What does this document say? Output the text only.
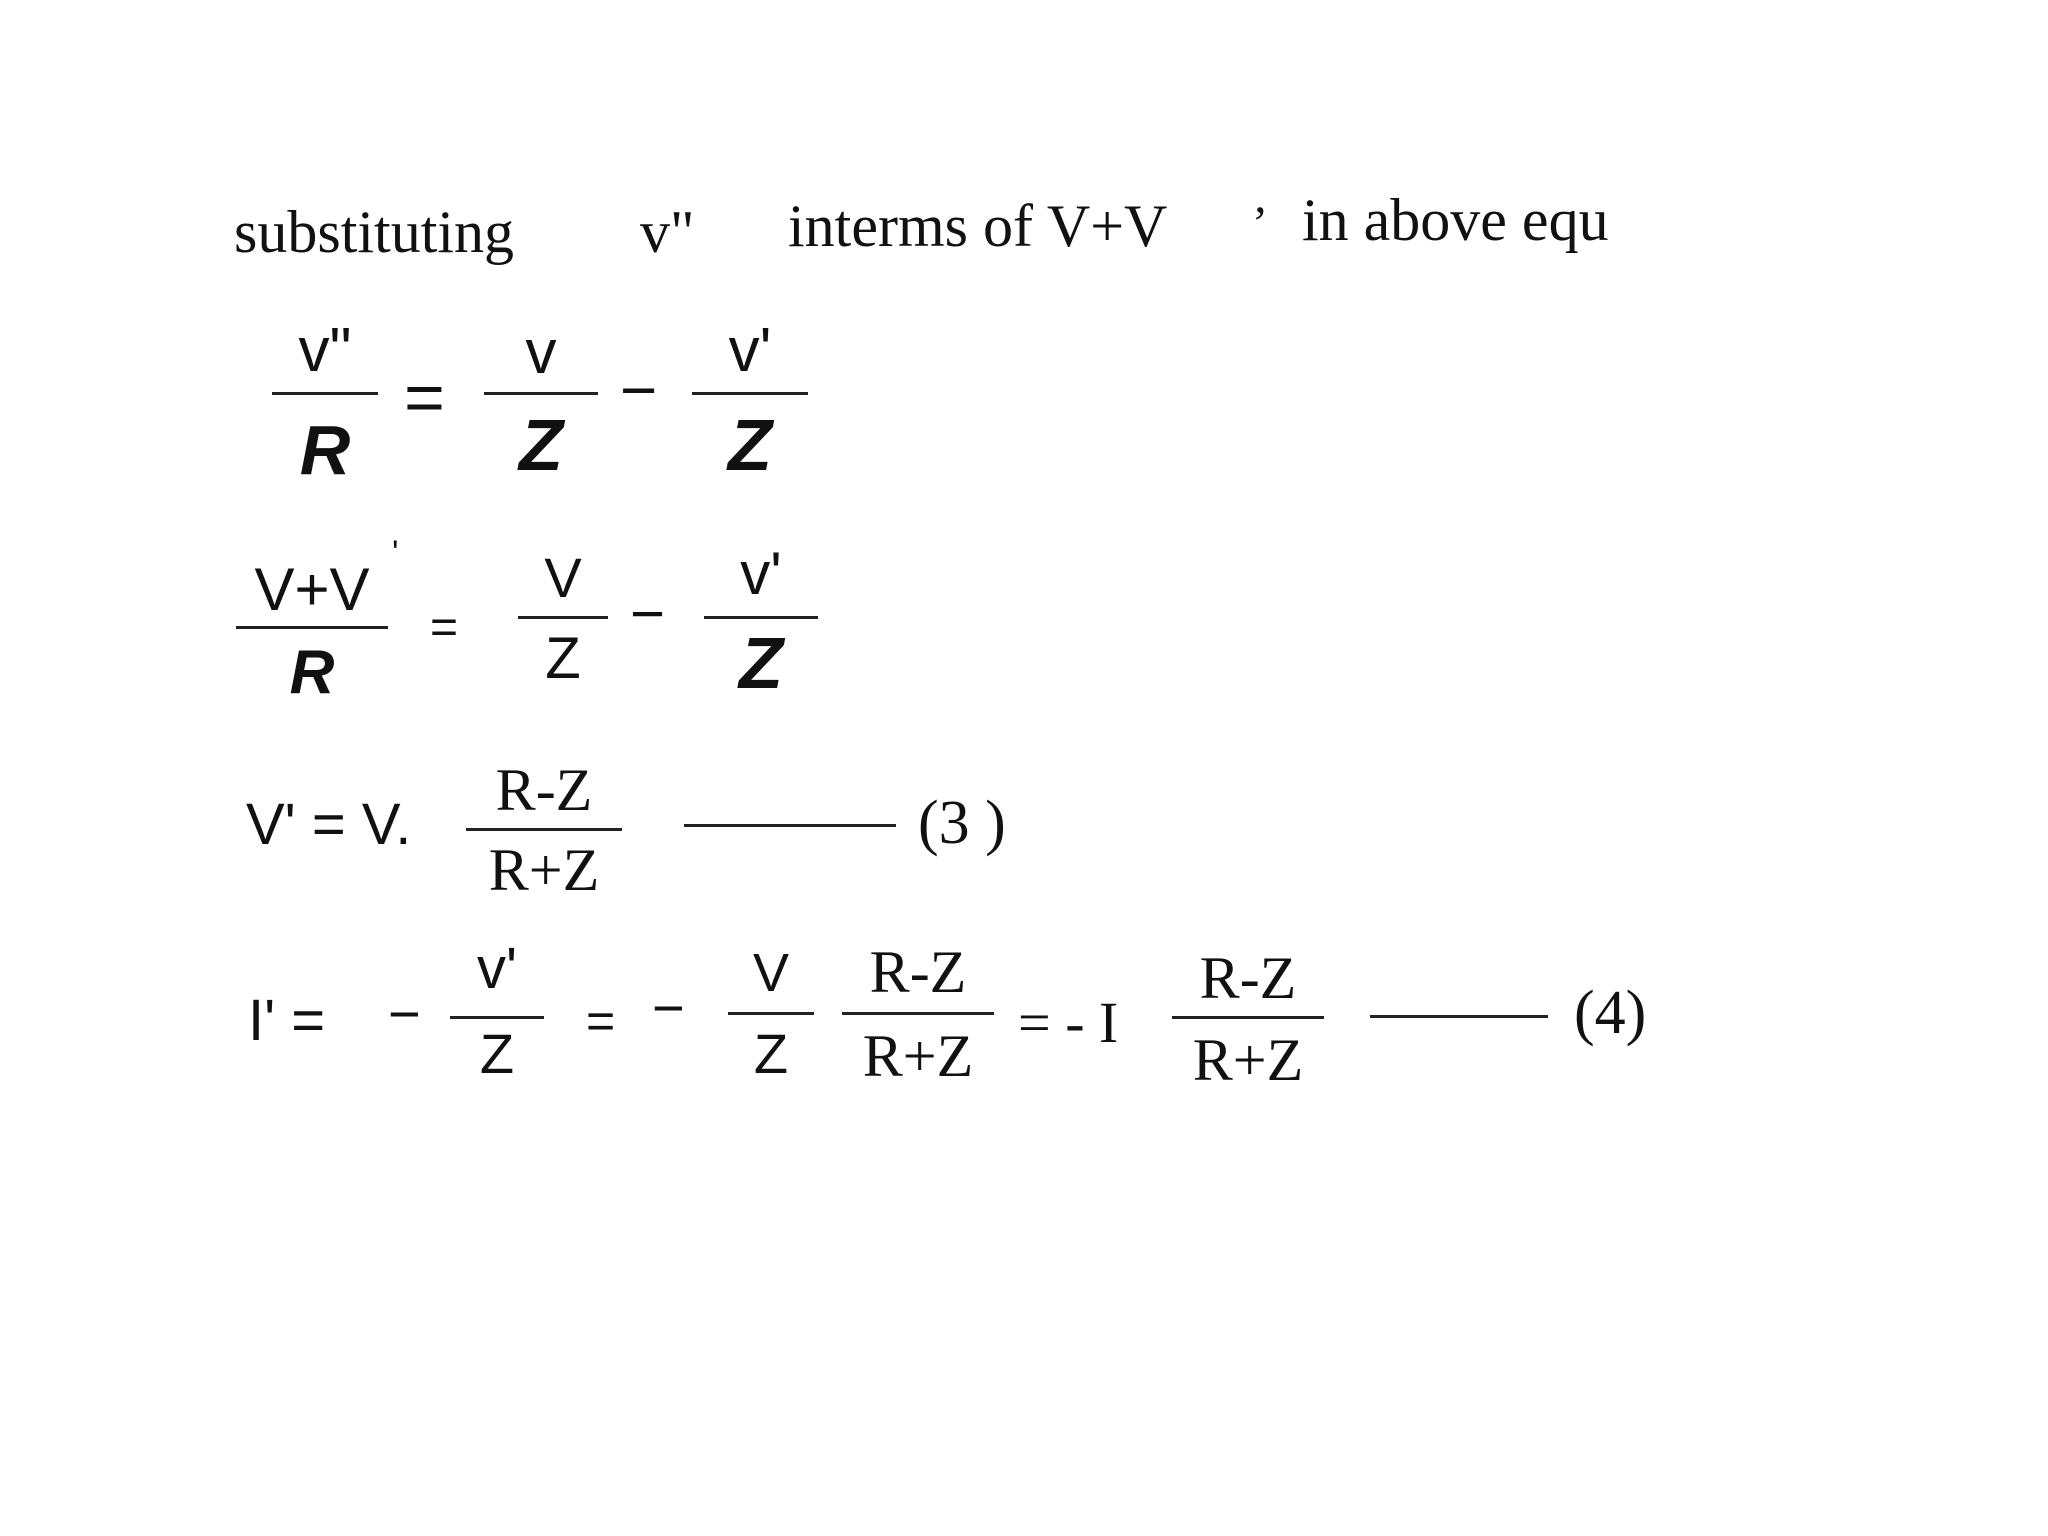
substituting v" interms of V+V ’ in above equ
v"
R
=
v
Z
−
v'
Z
V+V
R
'
=
V
Z
−
v'
Z
V' = V.
R-Z
R+Z
(3 )
I' = −
v'
Z
= −
V
Z
R-Z
R+Z
= - I
R-Z
R+Z
(4)
